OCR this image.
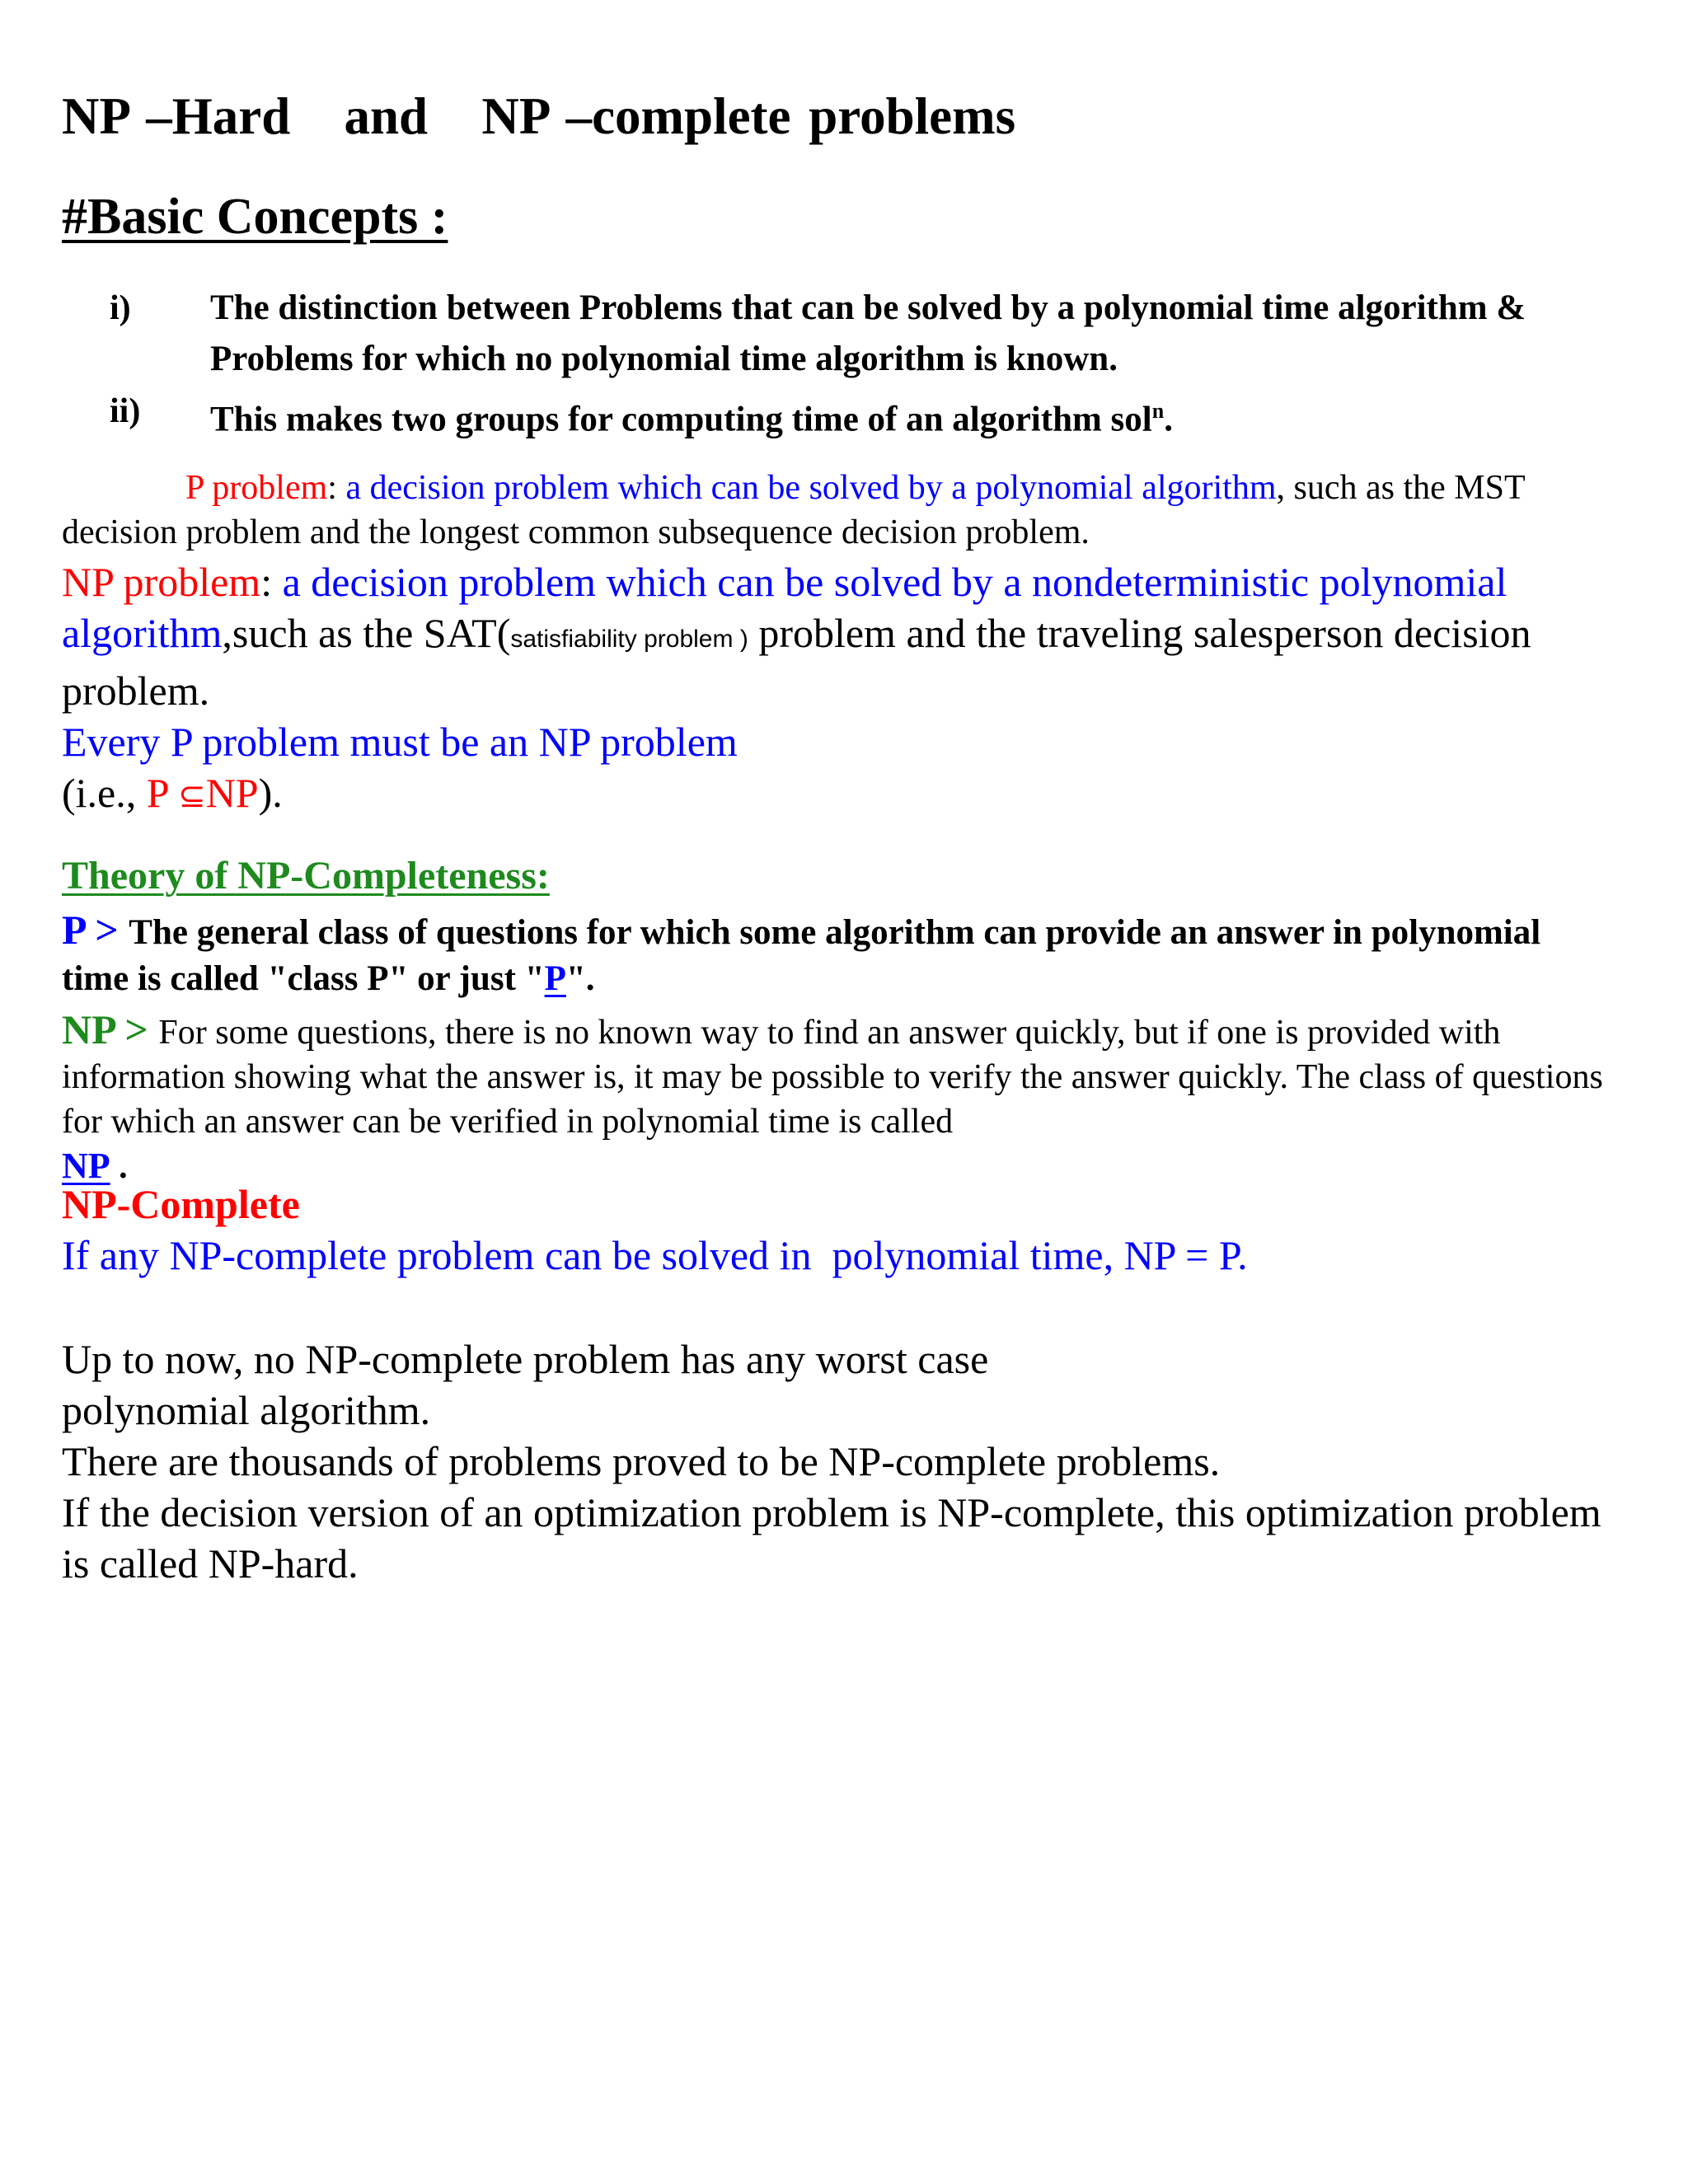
NP –Hard   and   NP –complete problems
#Basic Concepts :
i) The distinction between Problems that can be solved by a polynomial time algorithm & Problems for which no polynomial time algorithm is known.
ii) This makes two groups for computing time of an algorithm sol$^n$.
P problem: a decision problem which can be solved by a polynomial algorithm, such as the MST decision problem and the longest common subsequence decision problem.
NP problem: a decision problem which can be solved by a nondeterministic polynomial algorithm,such as the SAT(satisfiability problem ) problem and the traveling salesperson decision problem.
Every P problem must be an NP problem
(i.e., P ⊆NP).
Theory of NP-Completeness:
P > The general class of questions for which some algorithm can provide an answer in polynomial time is called "class P" or just "P".
NP > For some questions, there is no known way to find an answer quickly, but if one is provided with information showing what the answer is, it may be possible to verify the answer quickly. The class of questions for which an answer can be verified in polynomial time is called
NP .
NP-Complete
If any NP-complete problem can be solved in  polynomial time, NP = P.
Up to now, no NP-complete problem has any worst case
polynomial algorithm.
There are thousands of problems proved to be NP-complete problems.
If the decision version of an optimization problem is NP-complete, this optimization problem is called NP-hard.
